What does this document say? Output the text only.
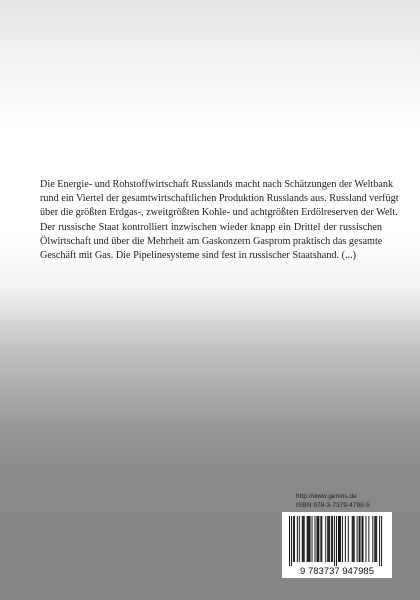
Die Energie- und Rohstoffwirtschaft Russlands macht nach Schätzungen der Weltbank
rund ein Viertel der gesamtwirtschaftlichen Produktion Russlands aus. Russland verfügt
über die größten Erdgas-, zweitgrößten Kohle- und achtgrößten Erdölreserven der Welt.
Der russische Staat kontrolliert inzwischen wieder knapp ein Drittel der russischen
Ölwirtschaft und über die Mehrheit am Gaskonzern Gasprom praktisch das gesamte
Geschäft mit Gas. Die Pipelinesysteme sind fest in russischer Staatshand. (...)
http://www.genios.de
ISBN 978-3-7379-4798-5
9 783737 947985
